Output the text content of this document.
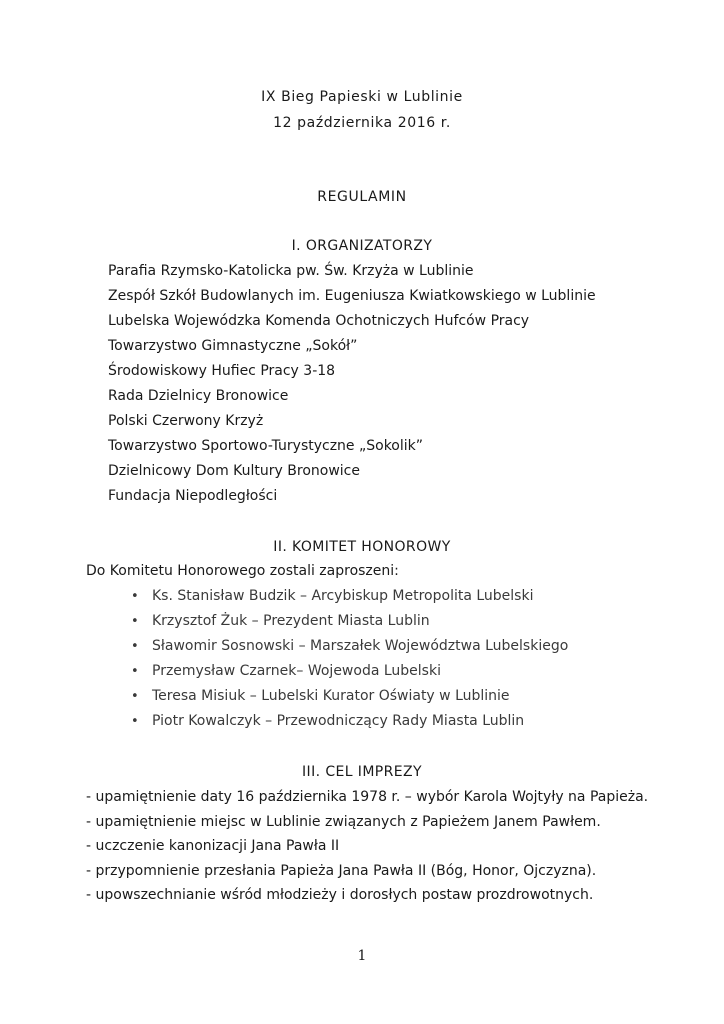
IX Bieg Papieski w Lublinie
12 października 2016 r.
REGULAMIN
I. ORGANIZATORZY
Parafia Rzymsko-Katolicka pw. Św. Krzyża w Lublinie
Zespół Szkół Budowlanych im. Eugeniusza Kwiatkowskiego w Lublinie
Lubelska Wojewódzka Komenda Ochotniczych Hufców Pracy
Towarzystwo Gimnastyczne „Sokół”
Środowiskowy Hufiec Pracy 3-18
Rada Dzielnicy Bronowice
Polski Czerwony Krzyż
Towarzystwo Sportowo-Turystyczne „Sokolik”
Dzielnicowy Dom Kultury Bronowice
Fundacja Niepodległości
II. KOMITET HONOROWY
Do Komitetu Honorowego zostali zaproszeni:
• Ks. Stanisław Budzik – Arcybiskup Metropolita Lubelski
• Krzysztof Żuk – Prezydent Miasta Lublin
• Sławomir Sosnowski – Marszałek Województwa Lubelskiego
• Przemysław Czarnek– Wojewoda Lubelski
• Teresa Misiuk – Lubelski Kurator Oświaty w Lublinie
• Piotr Kowalczyk – Przewodniczący Rady Miasta Lublin
III. CEL IMPREZY
- upamiętnienie daty 16 października 1978 r. – wybór Karola Wojtyły na Papieża.
- upamiętnienie miejsc w Lublinie związanych z Papieżem Janem Pawłem.
- uczczenie kanonizacji Jana Pawła II
- przypomnienie przesłania Papieża Jana Pawła II (Bóg, Honor, Ojczyzna).
- upowszechnianie wśród młodzieży i dorosłych postaw prozdrowotnych.
1
